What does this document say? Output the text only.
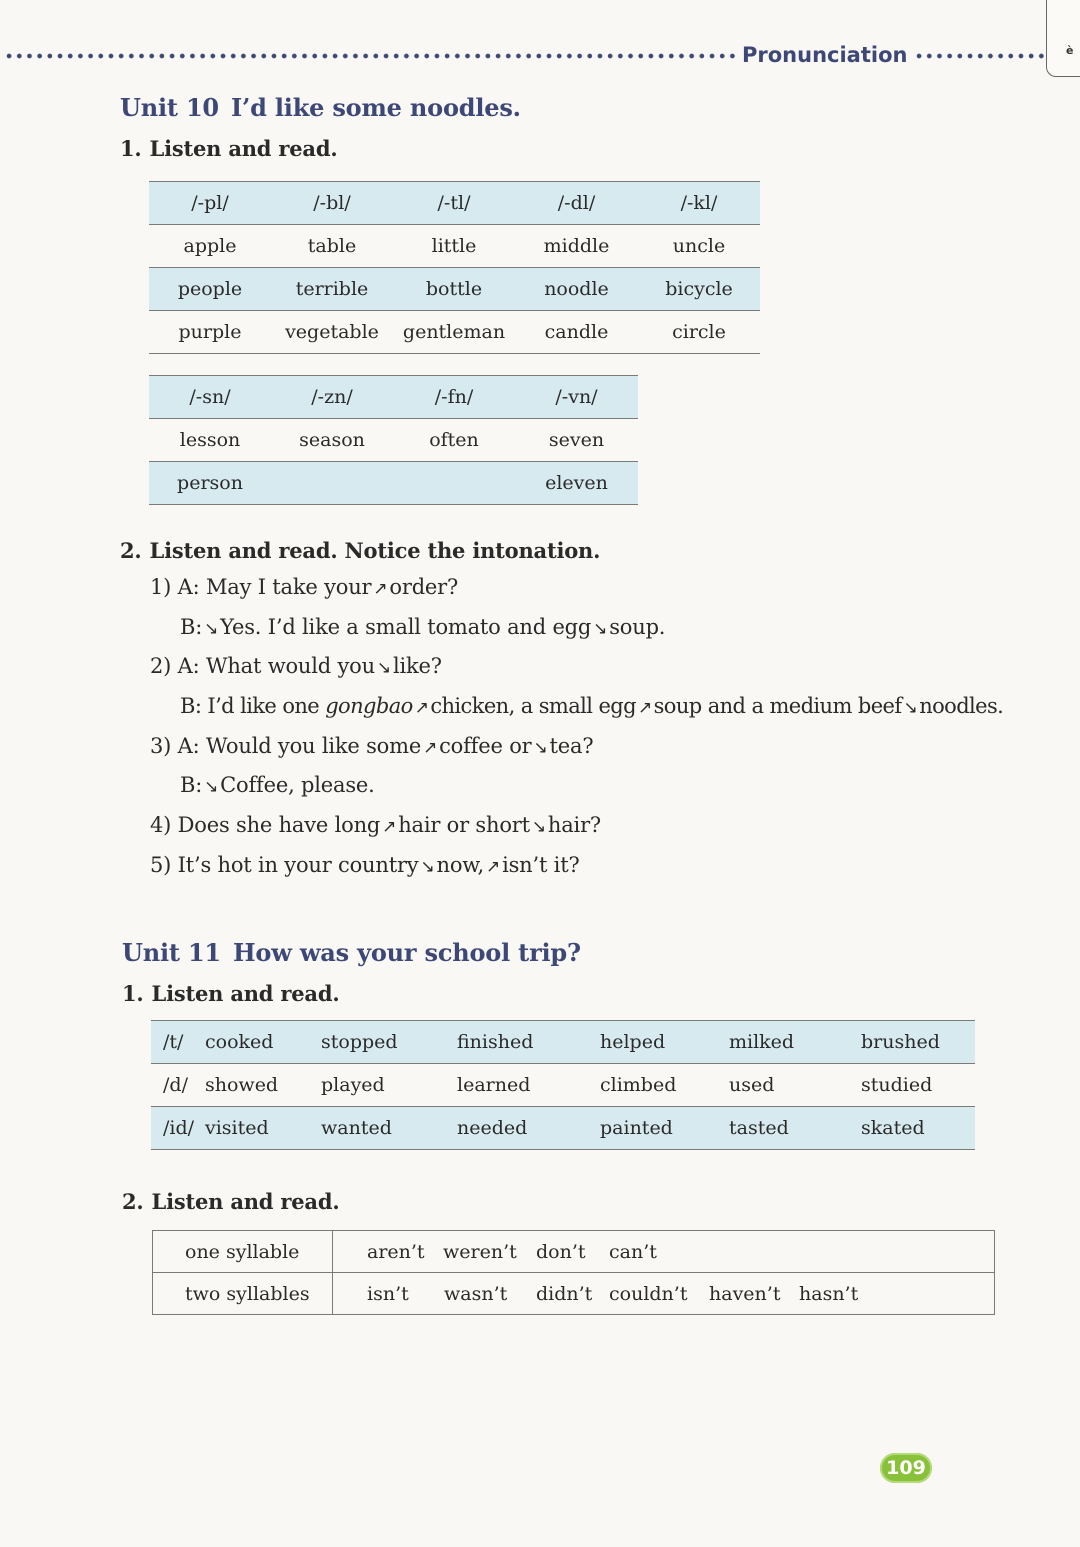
Pronunciation	è
Unit 10 I’d like some noodles.
1. Listen and read.
/-pl/	/-bl/	/-tl/	/-dl/	/-kl/
apple	table	little	middle	uncle
people	terrible	bottle	noodle	bicycle
purple	vegetable	gentleman	candle	circle
/-sn/	/-zn/	/-fn/	/-vn/
lesson	season	often	seven
person			eleven
2. Listen and read. Notice the intonation.
1) A: May I take your ↗order?
B: ↘Yes. I’d like a small tomato and egg ↘soup.
2) A: What would you ↘like?
B: I’d like one gongbao ↗chicken, a small egg ↗soup and a medium beef ↘noodles.
3) A: Would you like some ↗coffee or ↘tea?
B: ↘Coffee, please.
4) Does she have long ↗hair or short ↘hair?
5) It’s hot in your country ↘now, ↗isn’t it?
Unit 11 How was your school trip?
1. Listen and read.
/t/	cooked	stopped	finished	helped	milked	brushed
/d/	showed	played	learned	climbed	used	studied
/id/	visited	wanted	needed	painted	tasted	skated
2. Listen and read.
one syllable	aren’t weren’t don’t can’t
two syllables	isn’t wasn’t didn’t couldn’t haven’t hasn’t
109
